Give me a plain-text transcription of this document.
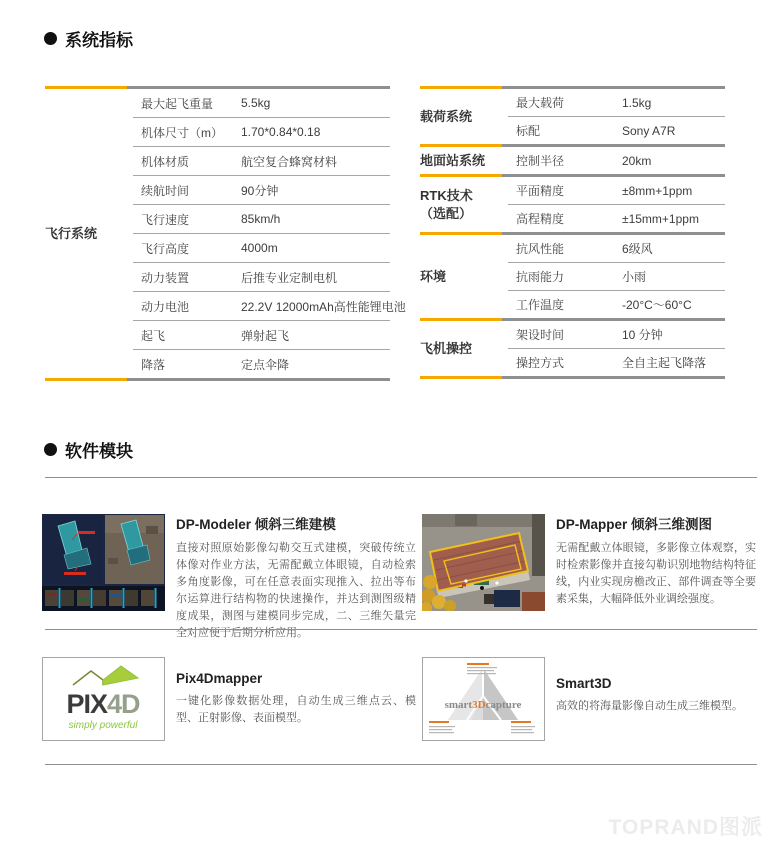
系统指标
飞行系统
最大起飞重量	5.5kg
机体尺寸（m）	1.70*0.84*0.18
机体材质	航空复合蜂窝材料
续航时间	90分钟
飞行速度	85km/h
飞行高度	4000m
动力装置	后推专业定制电机
动力电池	22.2V 12000mAh高性能锂电池
起飞	弹射起飞
降落	定点伞降
载荷系统
最大载荷	1.5kg
标配	Sony A7R
地面站系统	控制半径	20km
RTK技术
（选配）
平面精度	±8mm+1ppm
高程精度	±15mm+1ppm
环境
抗风性能	6级风
抗雨能力	小雨
工作温度	-20°C～60°C
飞机操控
架设时间	10 分钟
操控方式	全自主起飞降落
软件模块

DP-Modeler 倾斜三维建模

直接对照原始影像勾勒交互式建模，突破传统立体像对作业方法，无需配戴立体眼镜，自动检索多角度影像，可在任意表面实现推入、拉出等布尔运算进行结构物的快速操作，并达到测图级精度成果，测图与建模同步完成，二、三维矢量完全对应便于后期分析应用。

DP-Mapper 倾斜三维测图

无需配戴立体眼镜，多影像立体观察，实时检索影像并直接勾勒识别地物结构特征线，内业实现房檐改正、部件调查等全要素采集，大幅降低外业调绘强度。

PIX4D
simply powerful

Pix4Dmapper

一键化影像数据处理，自动生成三维点云、模型、正射影像、表面模型。

smart3Dcapture

Smart3D

高效的将海量影像自动生成三维模型。

TOPRAND图派
